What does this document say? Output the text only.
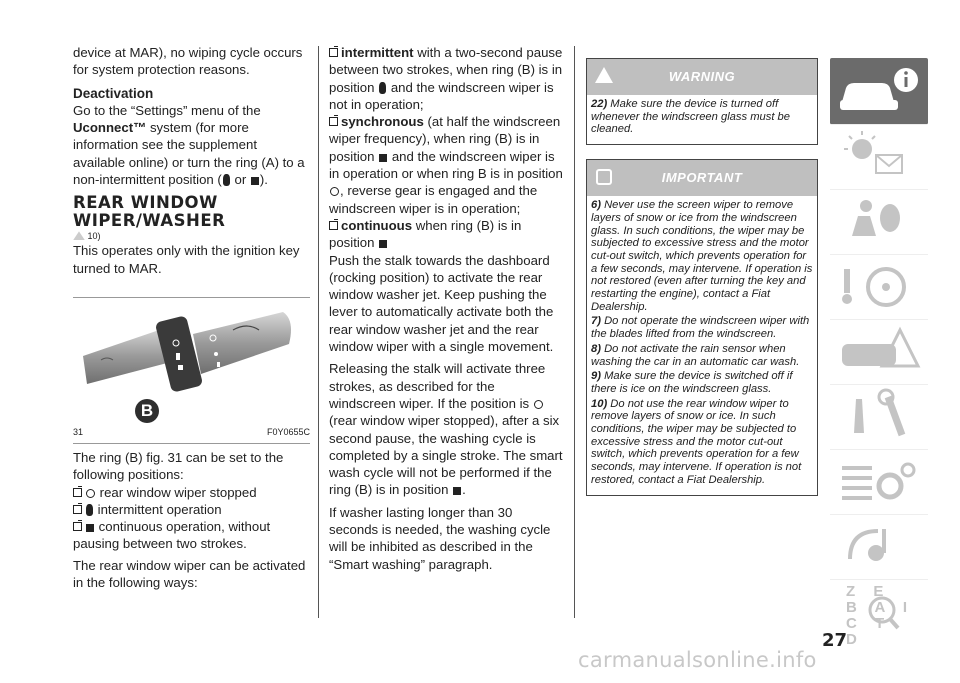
device at MAR), no wiping cycle occurs for system protection reasons.

Deactivation

Go to the “Settings” menu of the
Uconnect™ system (for more information see the supplement available online) or turn the ring (A) to a non-intermittent position ( or ).

REAR WINDOW
WIPER/WASHER

10)

This operates only with the ignition key turned to MAR.

B
31	F0Y0655C

The ring (B) fig. 31 can be set to the following positions:

rear window wiper stopped

intermittent operation

continuous operation, without pausing between two strokes.

The rear window wiper can be activated in the following ways:

intermittent with a two-second pause between two strokes, when ring (B) is in position and the windscreen wiper is not in operation;

synchronous (at half the windscreen wiper frequency), when ring (B) is in position and the windscreen wiper is in operation or when ring B is in position , reverse gear is engaged and the windscreen wiper is in operation;

continuous when ring (B) is in position

Push the stalk towards the dashboard (rocking position) to activate the rear window washer jet. Keep pushing the lever to automatically activate both the rear window washer jet and the rear window wiper with a single movement.

Releasing the stalk will activate three strokes, as described for the windscreen wiper. If the position is  (rear window wiper stopped), after a six second pause, the washing cycle is completed by a single stroke. The smart wash cycle will not be performed if the ring (B) is in position .

If washer lasting longer than 30 seconds is needed, the washing cycle will be inhibited as described in the “Smart washing” paragraph.

WARNING

22) Make sure the device is turned off whenever the windscreen glass must be cleaned.

IMPORTANT

6) Never use the screen wiper to remove layers of snow or ice from the windscreen glass. In such conditions, the wiper may be subjected to excessive stress and the motor cut-out switch, which prevents operation for a few seconds, may intervene. If operation is not restored (even after turning the key and restarting the engine), contact a Fiat Dealership.

7) Do not operate the windscreen wiper with the blades lifted from the windscreen.

8) Do not activate the rain sensor when washing the car in an automatic car wash.

9) Make sure the device is switched off if there is ice on the windscreen glass.

10) Do not use the rear window wiper to remove layers of snow or ice. In such conditions, the wiper may be subjected to excessive stress and the motor cut-out switch, which prevents operation for a few seconds, may intervene. If operation is not restored, contact a Fiat Dealership.

Z E B A I C T D
27
carmanualsonline.info
